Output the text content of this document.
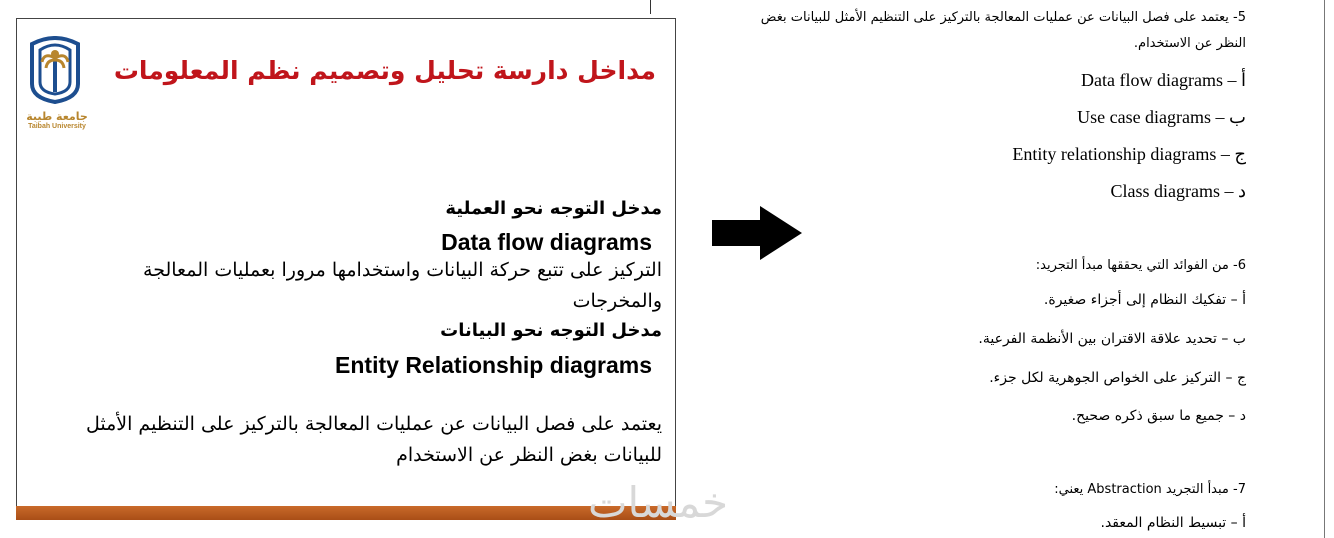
جامعة طيبة
Taibah University
مداخل دارسة تحليل وتصميم نظم المعلومات
مدخل التوجه نحو العملية
Data flow diagrams
التركيز على تتبع حركة البيانات واستخدامها مرورا بعمليات المعالجة
والمخرجات
مدخل التوجه نحو البيانات
Entity Relationship diagrams
يعتمد على فصل البيانات عن عمليات المعالجة بالتركيز على التنظيم الأمثل
للبيانات بغض النظر عن الاستخدام
خمسات
5- يعتمد على فصل البيانات عن عمليات المعالجة بالتركيز على التنظيم الأمثل للبيانات بغض
النظر عن الاستخدام.
أ – Data flow diagrams
ب – Use case diagrams
ج – Entity relationship diagrams
د – Class diagrams
6- من الفوائد التي يحققها مبدأ التجريد:
أ – تفكيك النظام إلى أجزاء صغيرة.
ب – تحديد علاقة الاقتران بين الأنظمة الفرعية.
ج – التركيز على الخواص الجوهرية لكل جزء.
د – جميع ما سبق ذكره صحيح.
7- مبدأ التجريد Abstraction يعني:
أ – تبسيط النظام المعقد.
